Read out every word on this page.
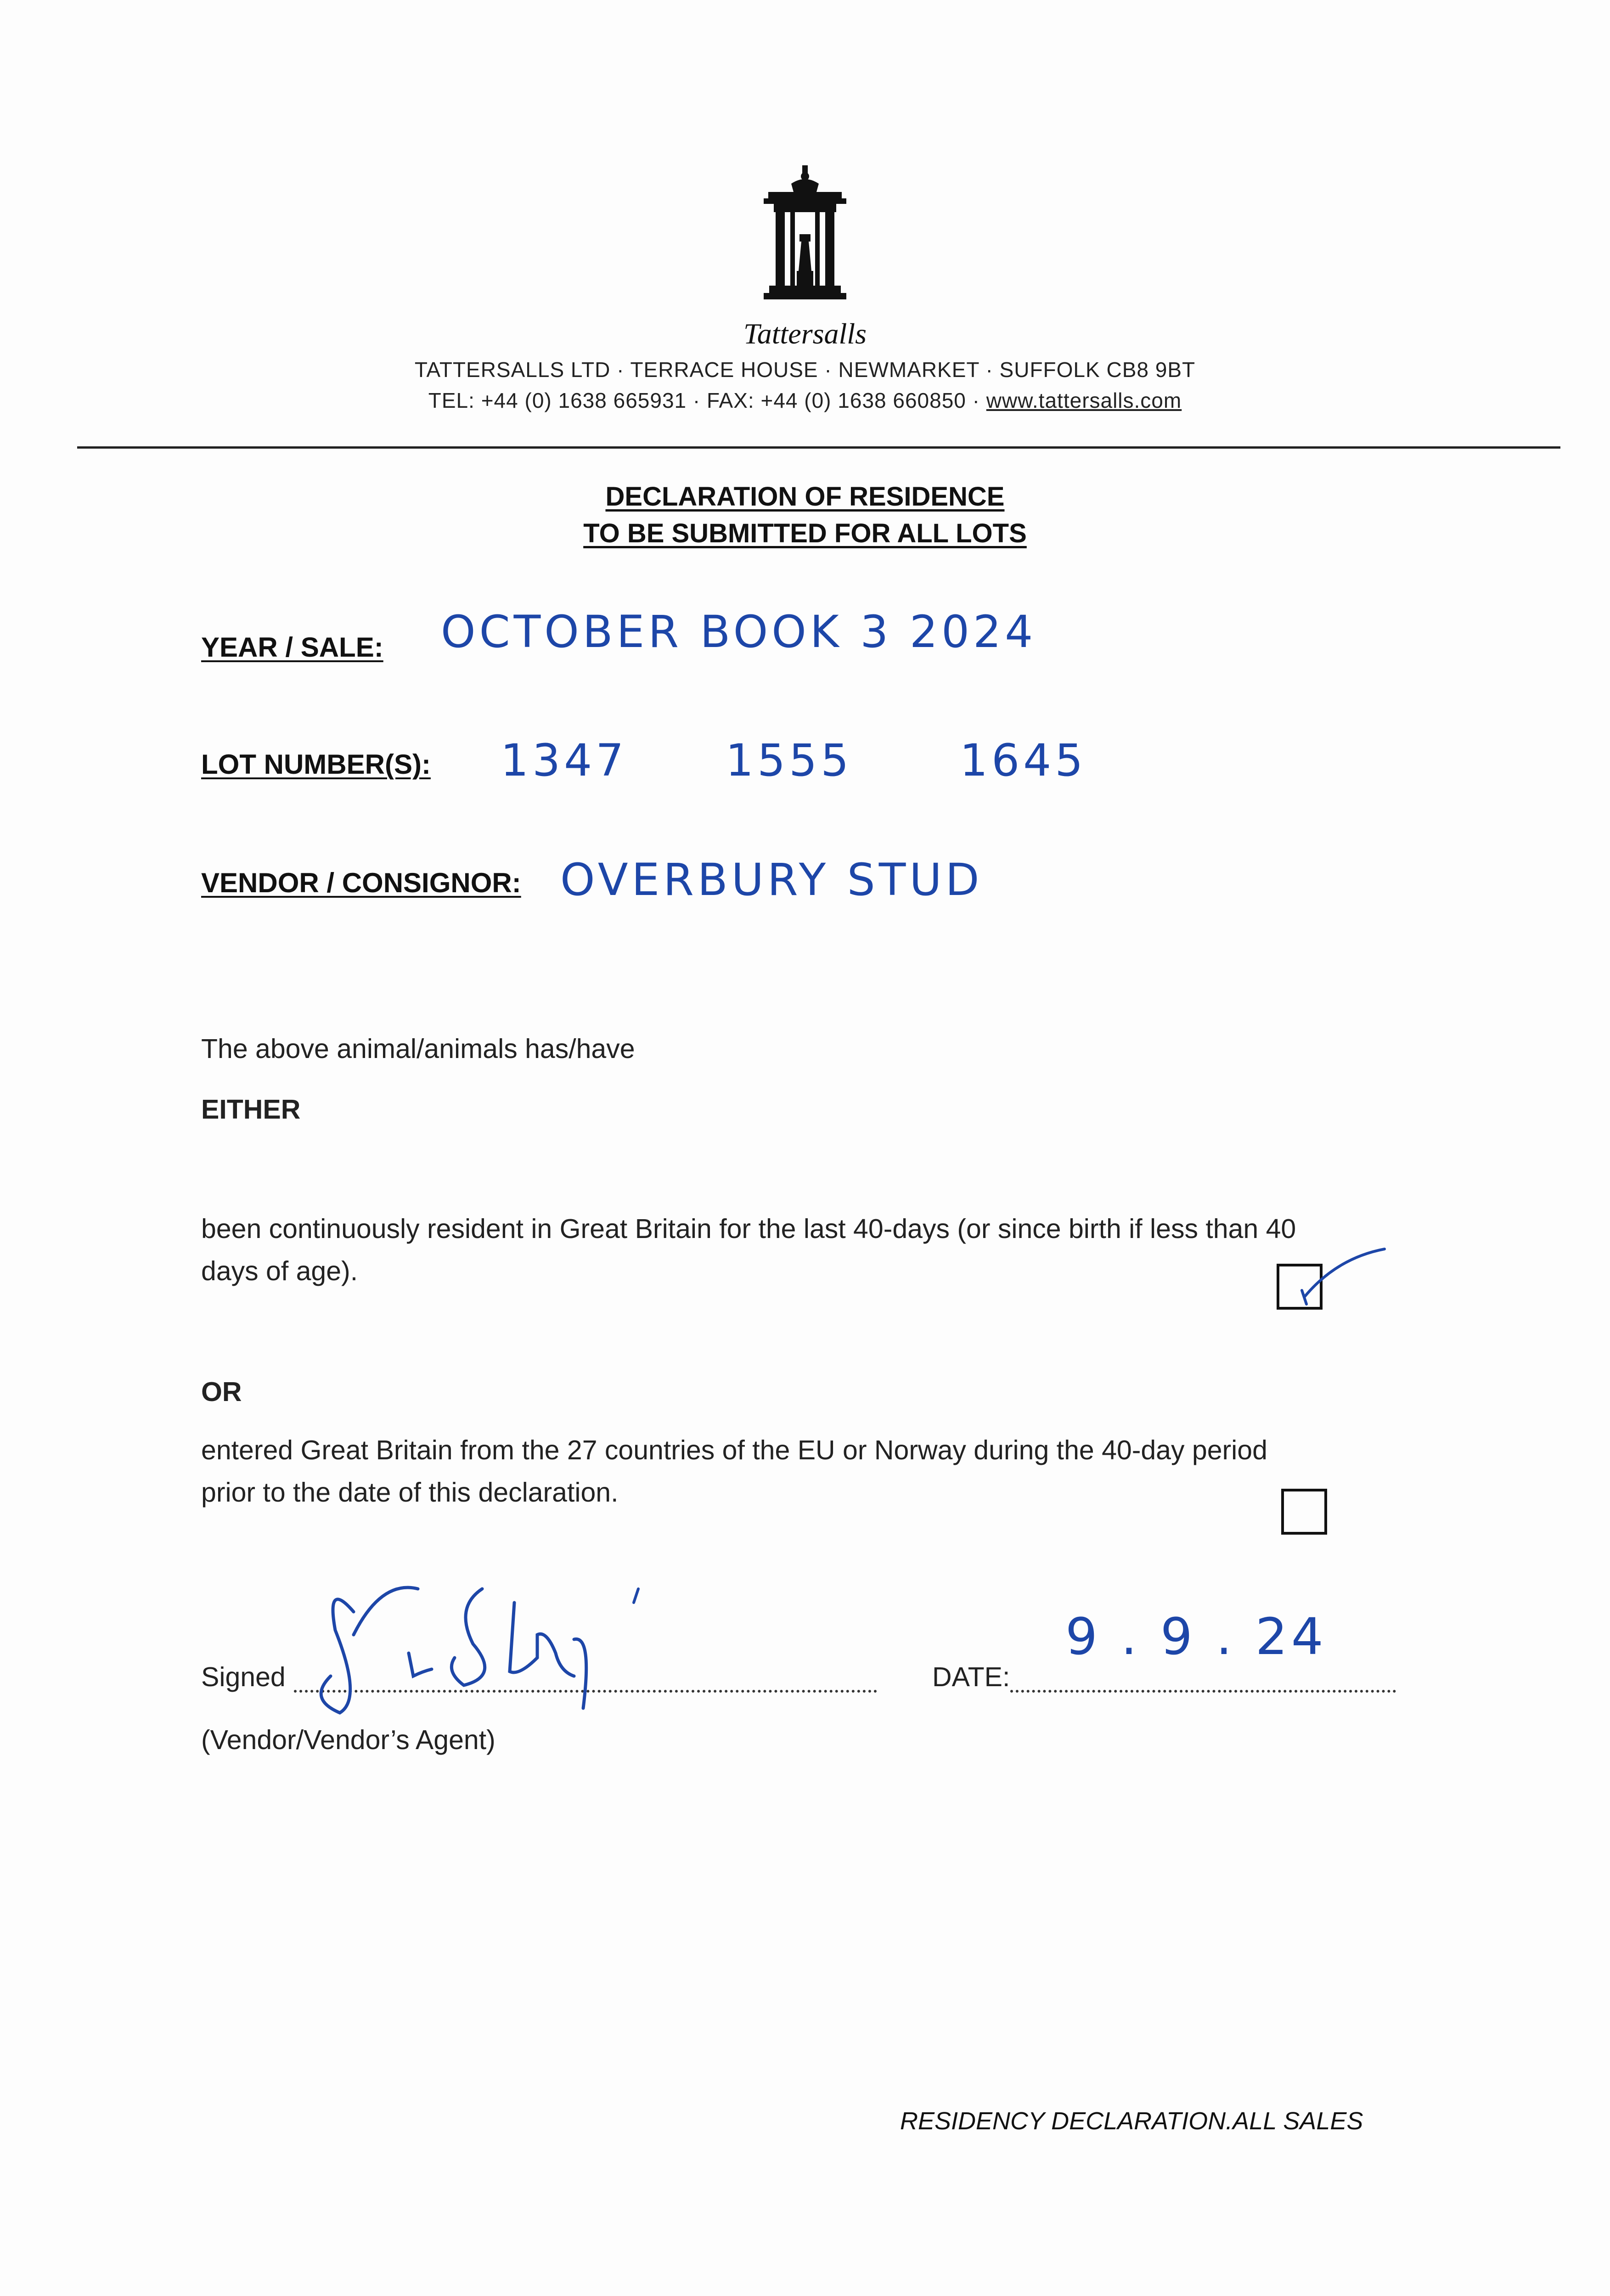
Tattersalls
TATTERSALLS LTD · TERRACE HOUSE · NEWMARKET · SUFFOLK CB8 9BT
TEL: +44 (0) 1638 665931 · FAX: +44 (0) 1638 660850 · www.tattersalls.com
DECLARATION OF RESIDENCE
TO BE SUBMITTED FOR ALL LOTS
YEAR / SALE: OCTOBER BOOK 3 2024
LOT NUMBER(S): 1347 1555 1645
VENDOR / CONSIGNOR: OVERBURY STUD
The above animal/animals has/have
EITHER
been continuously resident in Great Britain for the last 40-days (or since birth if less than 40
days of age).
OR
entered Great Britain from the 27 countries of the EU or Norway during the 40-day period
prior to the date of this declaration.
Signed	DATE:
9 . 9 . 24
(Vendor/Vendor’s Agent)
RESIDENCY DECLARATION.ALL SALES
